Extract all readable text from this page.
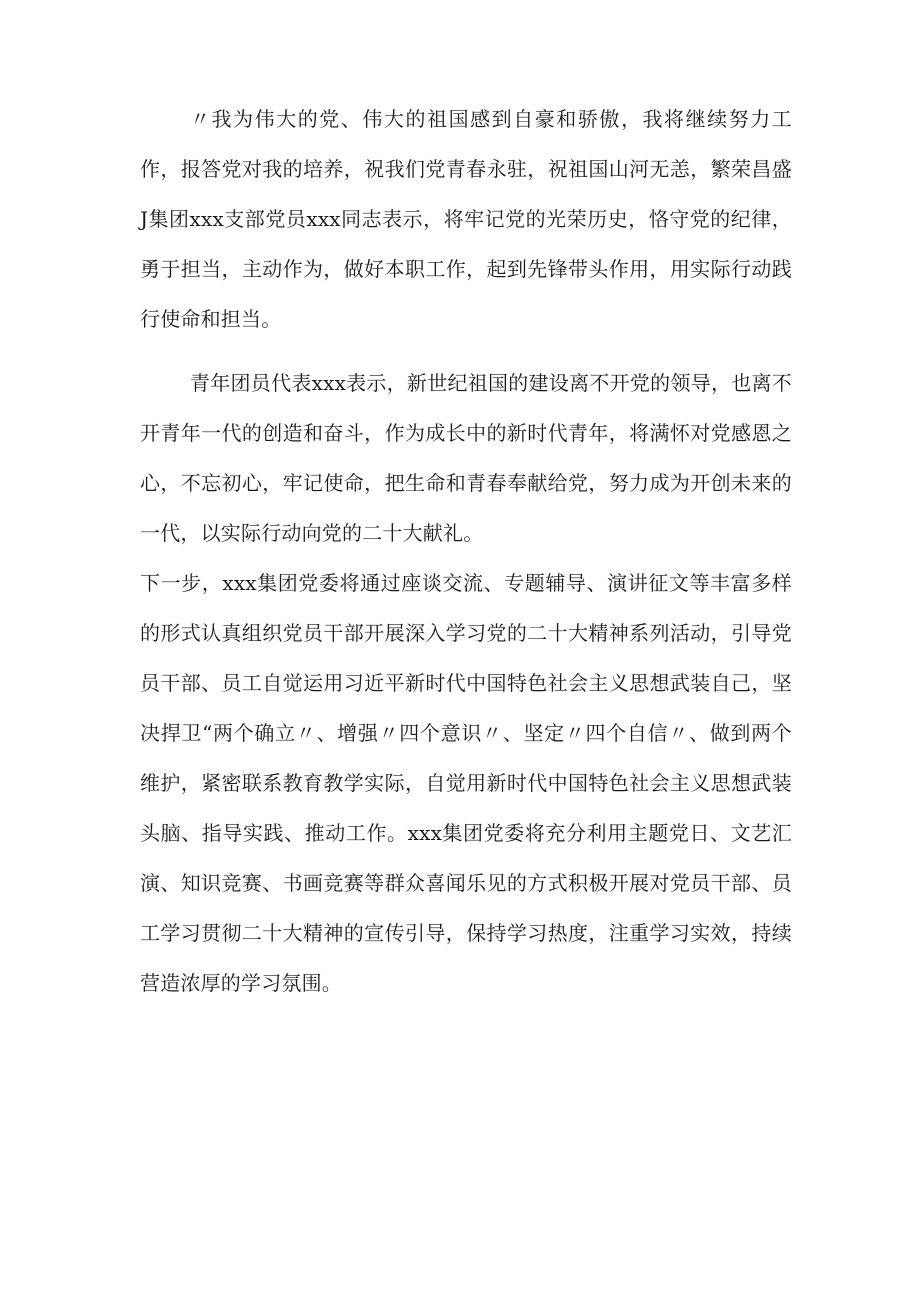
〃我为伟大的党、伟大的祖国感到自豪和骄傲，我将继续努力工作，报答党对我的培养，祝我们党青春永驻，祝祖国山河无恙，繁荣昌盛J集团xxx支部党员xxx同志表示，将牢记党的光荣历史，恪守党的纪律，勇于担当，主动作为，做好本职工作，起到先锋带头作用，用实际行动践行使命和担当。

青年团员代表xxx表示，新世纪祖国的建设离不开党的领导，也离不开青年一代的创造和奋斗，作为成长中的新时代青年，将满怀对党感恩之心，不忘初心，牢记使命，把生命和青春奉献给党，努力成为开创未来的一代，以实际行动向党的二十大献礼。

下一步，xxx集团党委将通过座谈交流、专题辅导、演讲征文等丰富多样的形式认真组织党员干部开展深入学习党的二十大精神系列活动，引导党员干部、员工自觉运用习近平新时代中国特色社会主义思想武装自己，坚决捍卫“两个确立〃、增强〃四个意识〃、坚定〃四个自信〃、做到两个维护，紧密联系教育教学实际，自觉用新时代中国特色社会主义思想武装头脑、指导实践、推动工作。xxx集团党委将充分利用主题党日、文艺汇演、知识竞赛、书画竞赛等群众喜闻乐见的方式积极开展对党员干部、员工学习贯彻二十大精神的宣传引导，保持学习热度，注重学习实效，持续营造浓厚的学习氛围。
